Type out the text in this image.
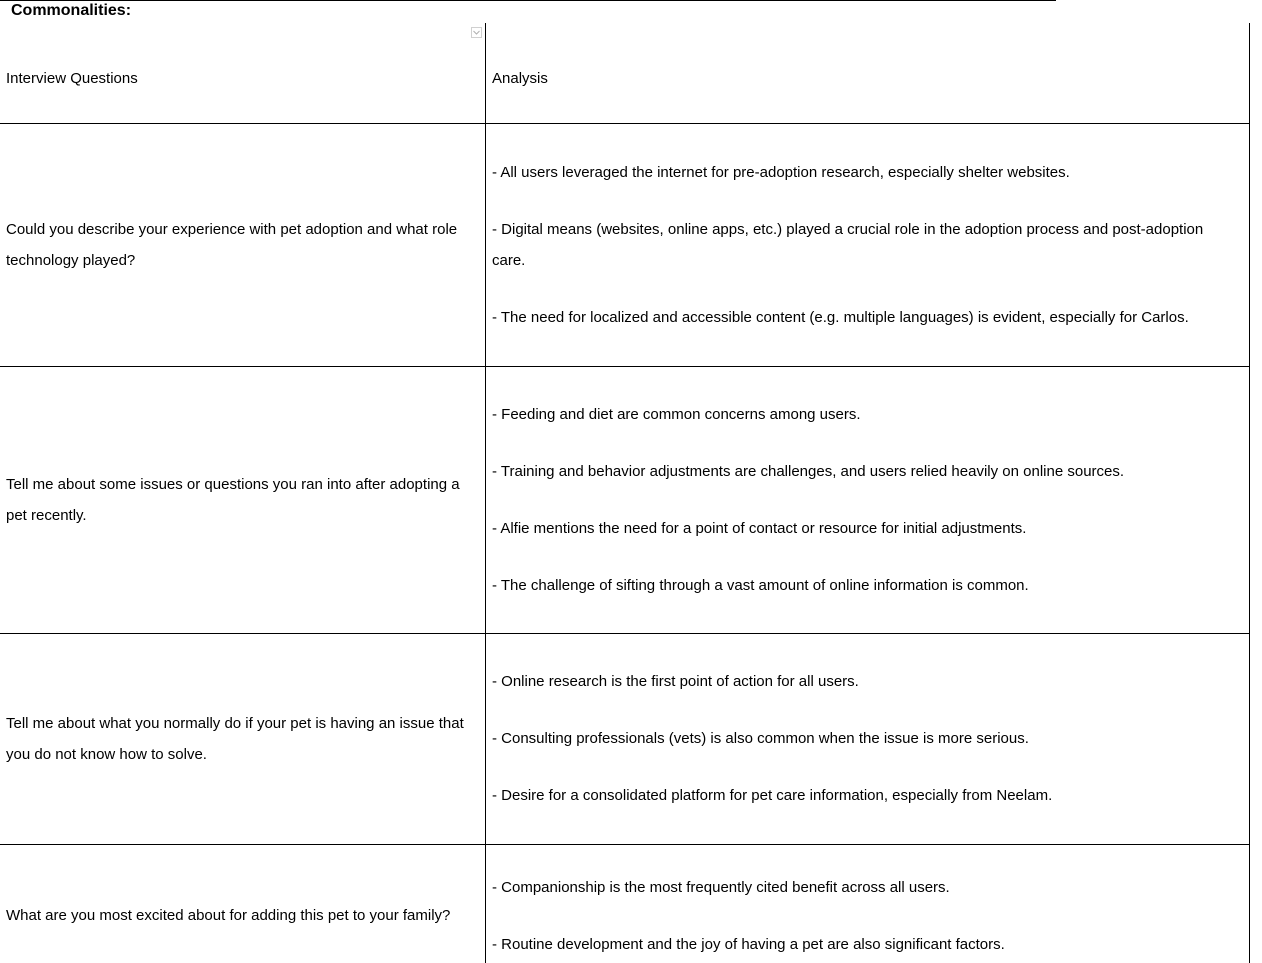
Commonalities:
Interview Questions	Analysis
Could you describe your experience with pet adoption and what role technology played?
- All users leveraged the internet for pre-adoption research, especially shelter websites.
- Digital means (websites, online apps, etc.) played a crucial role in the adoption process and post-adoption care.
- The need for localized and accessible content (e.g. multiple languages) is evident, especially for Carlos.
Tell me about some issues or questions you ran into after adopting a pet recently.
- Feeding and diet are common concerns among users.
- Training and behavior adjustments are challenges, and users relied heavily on online sources.
- Alfie mentions the need for a point of contact or resource for initial adjustments.
- The challenge of sifting through a vast amount of online information is common.
Tell me about what you normally do if your pet is having an issue that you do not know how to solve.
- Online research is the first point of action for all users.
- Consulting professionals (vets) is also common when the issue is more serious.
- Desire for a consolidated platform for pet care information, especially from Neelam.
What are you most excited about for adding this pet to your family?
- Companionship is the most frequently cited benefit across all users.
- Routine development and the joy of having a pet are also significant factors.
